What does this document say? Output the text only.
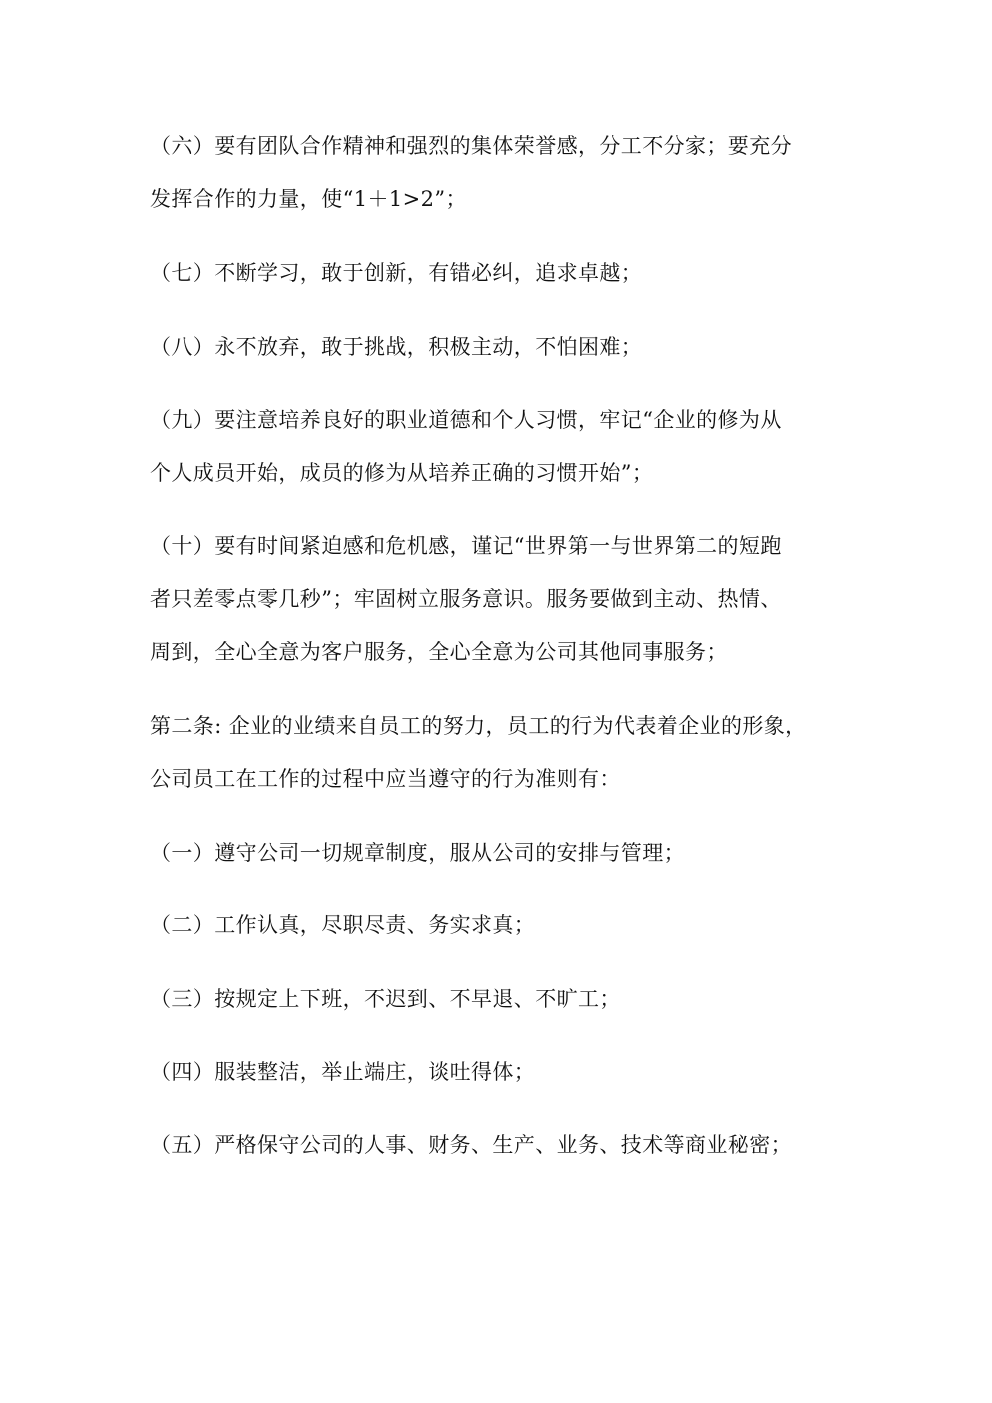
（六）要有团队合作精神和强烈的集体荣誉感，分工不分家；要充分
发挥合作的力量，使“1＋1>2”；

（七）不断学习，敢于创新，有错必纠，追求卓越；

（八）永不放弃，敢于挑战，积极主动，不怕困难；

（九）要注意培养良好的职业道德和个人习惯，牢记“企业的修为从
个人成员开始，成员的修为从培养正确的习惯开始”；

（十）要有时间紧迫感和危机感，谨记“世界第一与世界第二的短跑
者只差零点零几秒”；牢固树立服务意识。服务要做到主动、热情、
周到，全心全意为客户服务，全心全意为公司其他同事服务；

第二条: 企业的业绩来自员工的努力，员工的行为代表着企业的形象，
公司员工在工作的过程中应当遵守的行为准则有：

（一）遵守公司一切规章制度，服从公司的安排与管理；

（二）工作认真，尽职尽责、务实求真；

（三）按规定上下班，不迟到、不早退、不旷工；

（四）服装整洁，举止端庄，谈吐得体；

（五）严格保守公司的人事、财务、生产、业务、技术等商业秘密；
